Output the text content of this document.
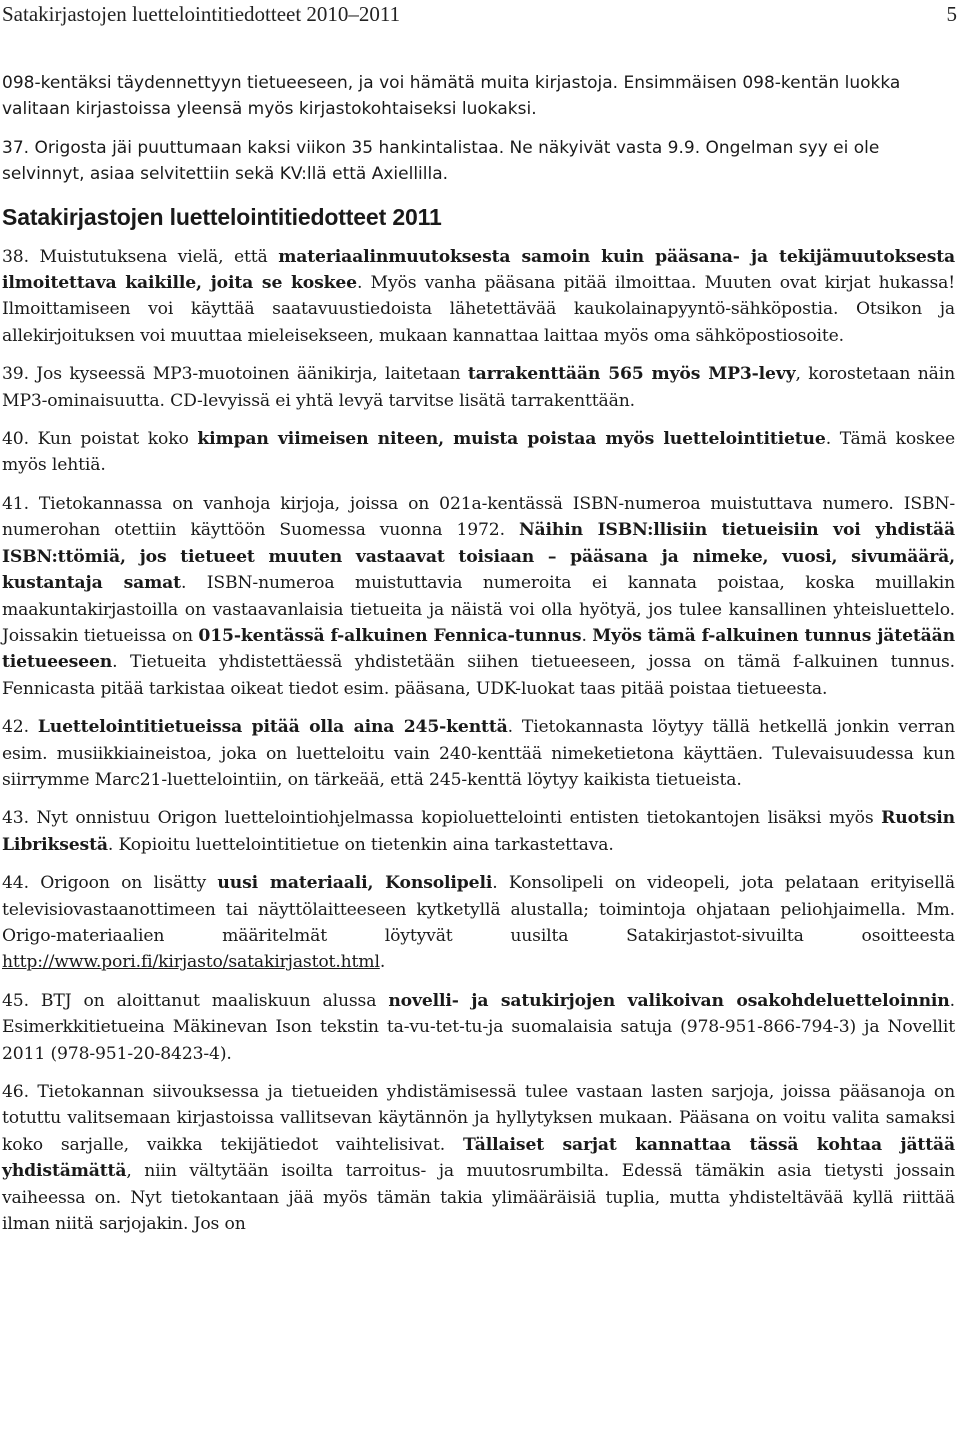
Satakirjastojen luettelointitiedotteet 2010–2011	5

098-kentäksi täydennettyyn tietueeseen, ja voi hämätä muita kirjastoja. Ensimmäisen 098-kentän luokka valitaan kirjastoissa yleensä myös kirjastokohtaiseksi luokaksi.

37. Origosta jäi puuttumaan kaksi viikon 35 hankintalistaa. Ne näkyivät vasta 9.9. Ongelman syy ei ole selvinnyt, asiaa selvitettiin sekä KV:llä että Axiellilla.

Satakirjastojen luettelointitiedotteet 2011

38. Muistutuksena vielä, että materiaalinmuutoksesta samoin kuin pääsana- ja tekijämuutoksesta ilmoitettava kaikille, joita se koskee. Myös vanha pääsana pitää ilmoittaa. Muuten ovat kirjat hukassa! Ilmoittamiseen voi käyttää saatavuustiedoista lähetettävää kaukolainapyyntö-sähköpostia. Otsikon ja allekirjoituksen voi muuttaa mieleisekseen, mukaan kannattaa laittaa myös oma sähköpostiosoite.

39. Jos kyseessä MP3-muotoinen äänikirja, laitetaan tarrakenttään 565 myös MP3-levy, korostetaan näin MP3-ominaisuutta. CD-levyissä ei yhtä levyä tarvitse lisätä tarrakenttään.

40. Kun poistat koko kimpan viimeisen niteen, muista poistaa myös luettelointitietue. Tämä koskee myös lehtiä.

41. Tietokannassa on vanhoja kirjoja, joissa on 021a-kentässä ISBN-numeroa muistuttava numero. ISBN-numerohan otettiin käyttöön Suomessa vuonna 1972. Näihin ISBN:llisiin tietueisiin voi yhdistää ISBN:ttömiä, jos tietueet muuten vastaavat toisiaan – pääsana ja nimeke, vuosi, sivumäärä, kustantaja samat. ISBN-numeroa muistuttavia numeroita ei kannata poistaa, koska muillakin maakuntakirjastoilla on vastaavanlaisia tietueita ja näistä voi olla hyötyä, jos tulee kansallinen yhteisluettelo. Joissakin tietueissa on 015-kentässä f-alkuinen Fennica-tunnus. Myös tämä f-alkuinen tunnus jätetään tietueeseen. Tietueita yhdistettäessä yhdistetään siihen tietueeseen, jossa on tämä f-alkuinen tunnus. Fennicasta pitää tarkistaa oikeat tiedot esim. pääsana, UDK-luokat taas pitää poistaa tietueesta.

42. Luettelointitietueissa pitää olla aina 245-kenttä. Tietokannasta löytyy tällä hetkellä jonkin verran esim. musiikkiaineistoa, joka on luetteloitu vain 240-kenttää nimeketietona käyttäen. Tulevaisuudessa kun siirrymme Marc21-luettelointiin, on tärkeää, että 245-kenttä löytyy kaikista tietueista.

43. Nyt onnistuu Origon luettelointiohjelmassa kopioluettelointi entisten tietokantojen lisäksi myös Ruotsin Libriksestä. Kopioitu luettelointitietue on tietenkin aina tarkastettava.

44. Origoon on lisätty uusi materiaali, Konsolipeli. Konsolipeli on videopeli, jota pelataan erityisellä televisiovastaanottimeen tai näyttölaitteeseen kytketyllä alustalla; toimintoja ohjataan peliohjaimella. Mm. Origo-materiaalien määritelmät löytyvät uusilta Satakirjastot-sivuilta osoitteesta http://www.pori.fi/kirjasto/satakirjastot.html.

45. BTJ on aloittanut maaliskuun alussa novelli- ja satukirjojen valikoivan osakohdeluetteloinnin. Esimerkkitietueina Mäkinevan Ison tekstin ta-vu-tet-tu-ja suomalaisia satuja (978-951-866-794-3) ja Novellit 2011 (978-951-20-8423-4).

46. Tietokannan siivouksessa ja tietueiden yhdistämisessä tulee vastaan lasten sarjoja, joissa pääsanoja on totuttu valitsemaan kirjastoissa vallitsevan käytännön ja hyllytyksen mukaan. Pääsana on voitu valita samaksi koko sarjalle, vaikka tekijätiedot vaihtelisivat. Tällaiset sarjat kannattaa tässä kohtaa jättää yhdistämättä, niin vältytään isoilta tarroitus- ja muutosrumbilta. Edessä tämäkin asia tietysti jossain vaiheessa on. Nyt tietokantaan jää myös tämän takia ylimääräisiä tuplia, mutta yhdisteltävää kyllä riittää ilman niitä sarjojakin. Jos on
